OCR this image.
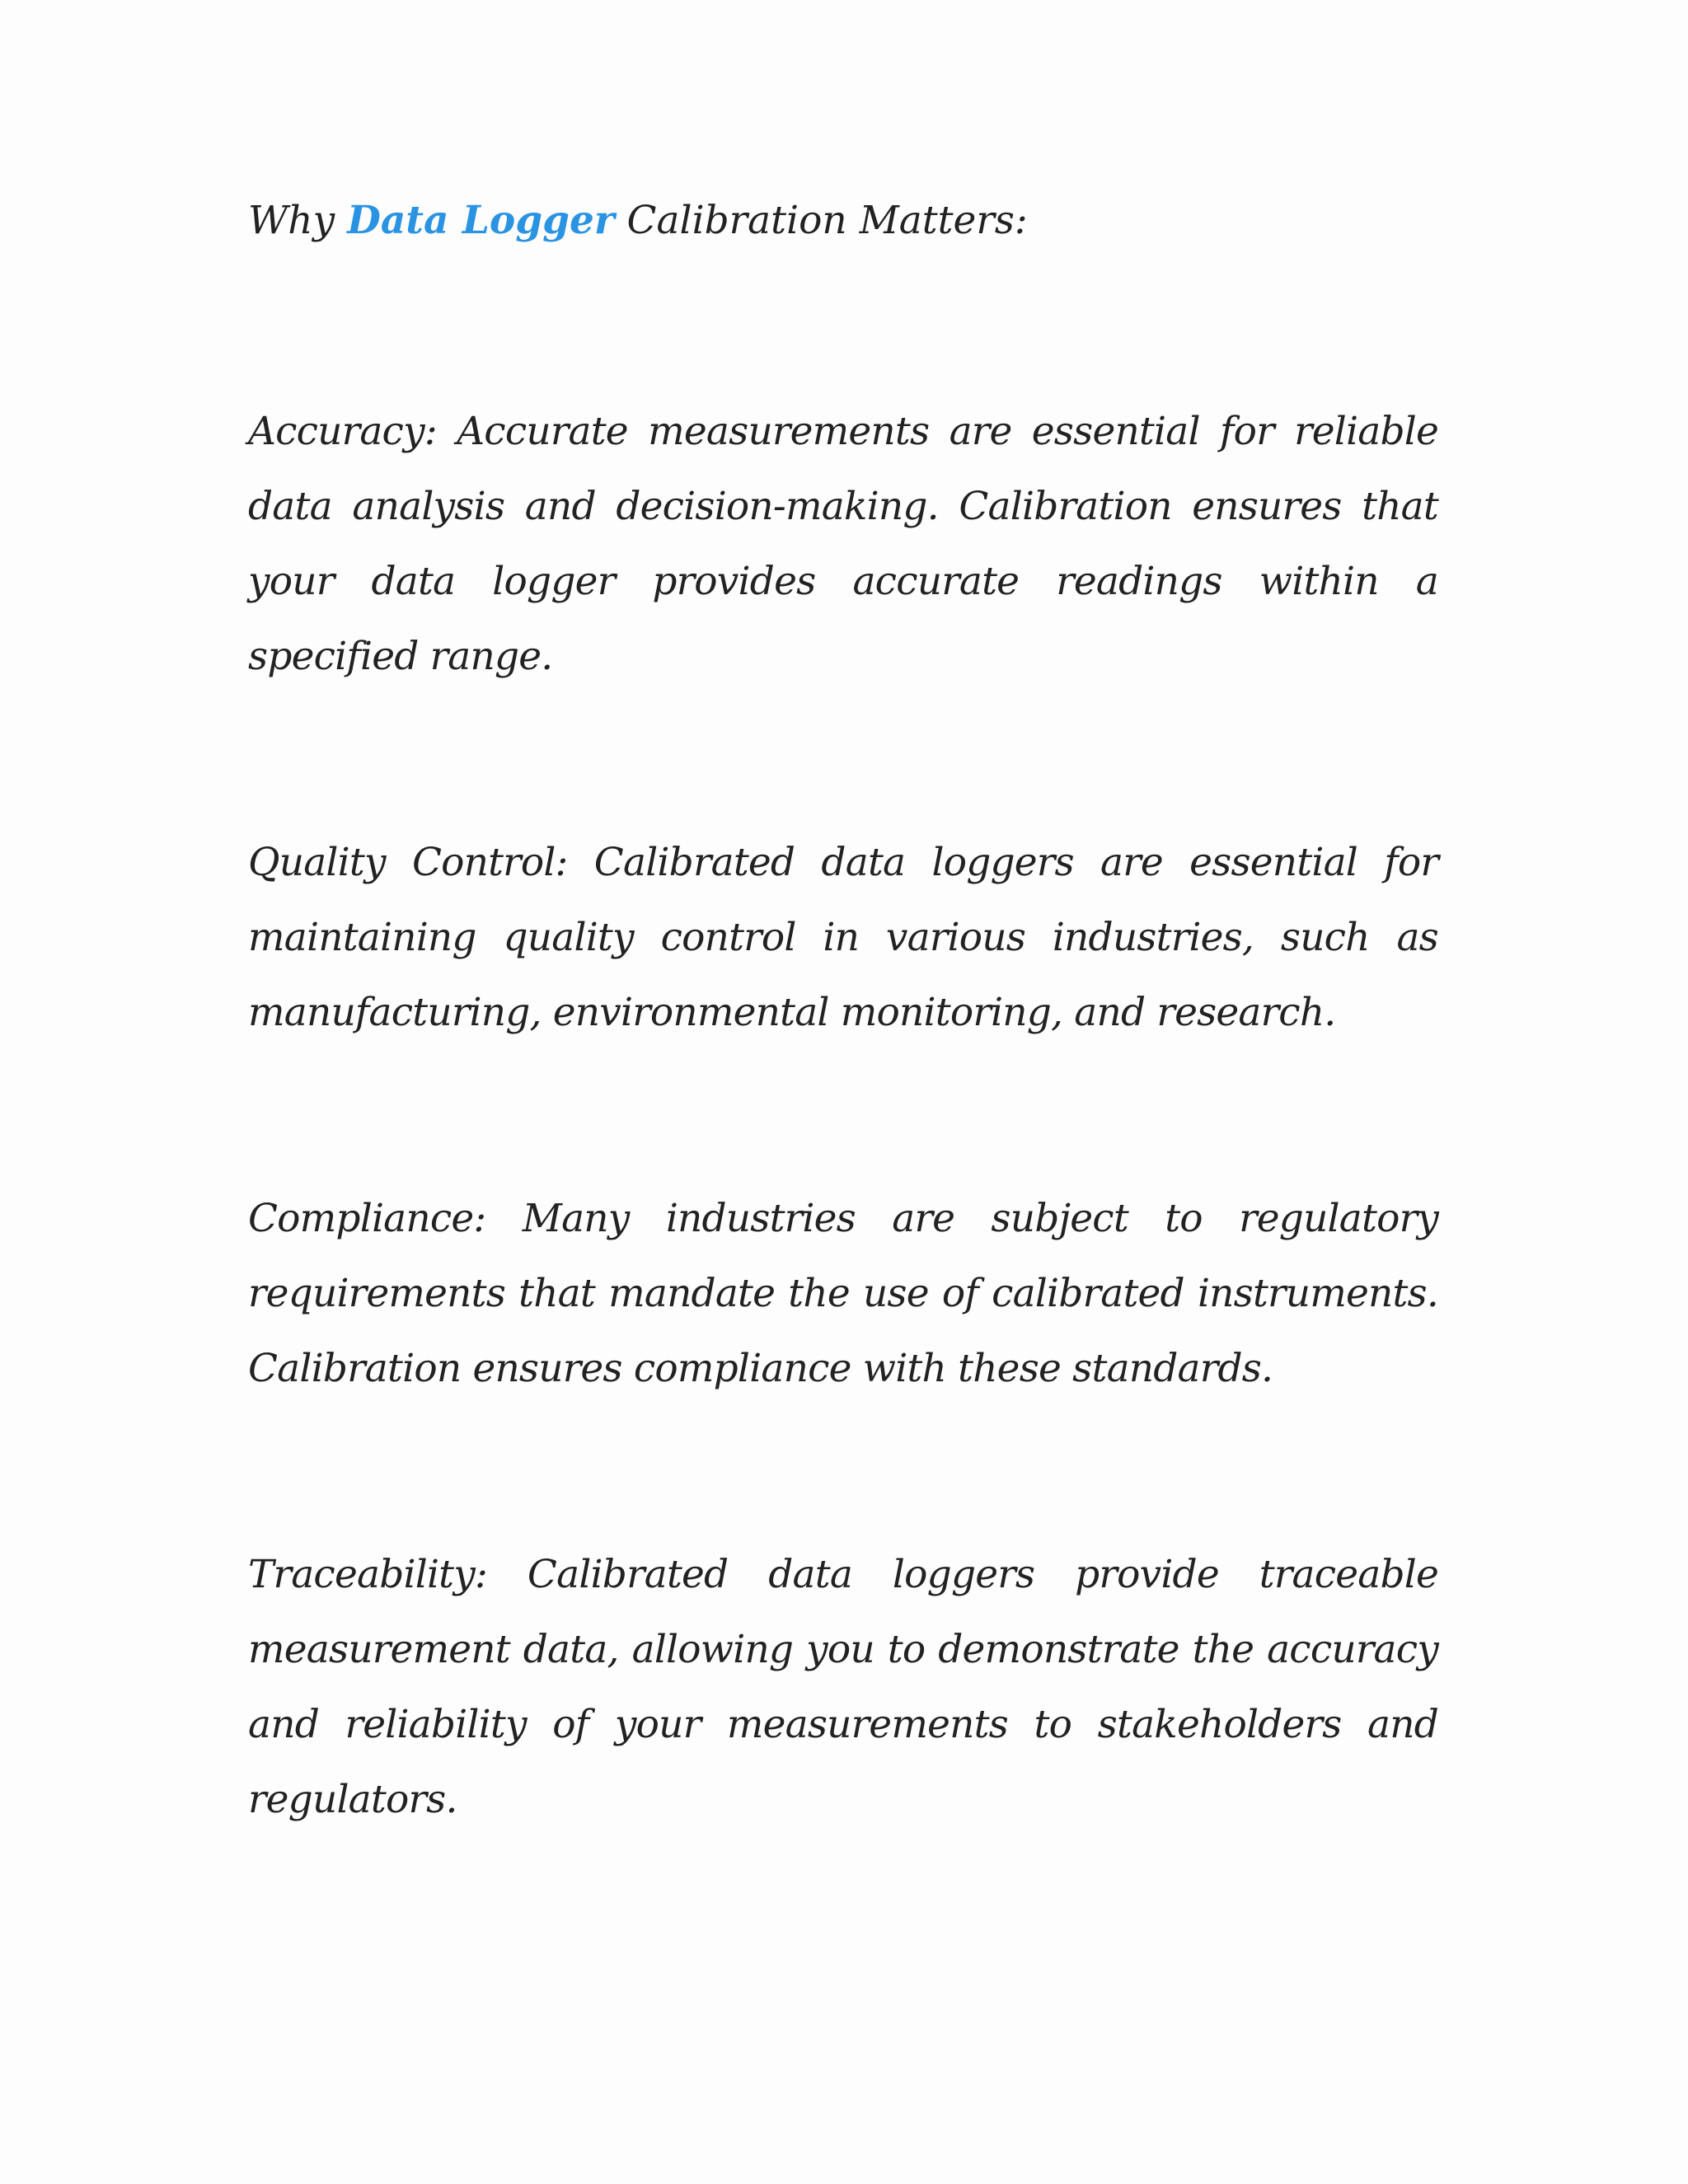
Why Data Logger Calibration Matters:

Accuracy: Accurate measurements are essential for reliable data analysis and decision-making. Calibration ensures that your data logger provides accurate readings within a specified range.

Quality Control: Calibrated data loggers are essential for maintaining quality control in various industries, such as manufacturing, environmental monitoring, and research.

Compliance: Many industries are subject to regulatory requirements that mandate the use of calibrated instruments. Calibration ensures compliance with these standards.

Traceability: Calibrated data loggers provide traceable measurement data, allowing you to demonstrate the accuracy and reliability of your measurements to stakeholders and regulators.
